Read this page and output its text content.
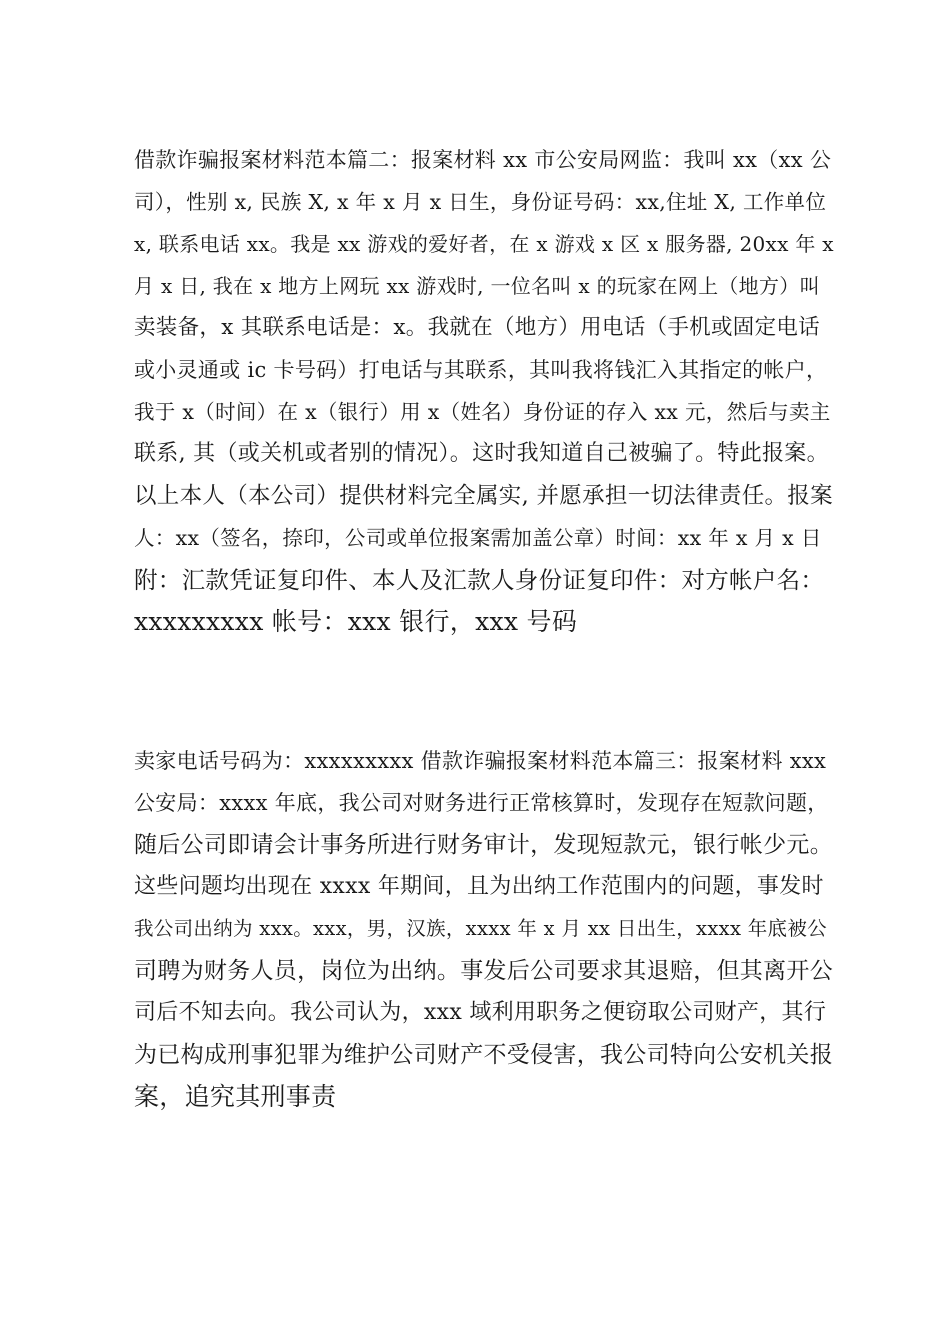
借款诈骗报案材料范本篇二：报案材料 xx 市公安局网监：我叫 xx（xx 公
司），性别 x, 民族 X, x 年 x 月 x 日生，身份证号码：xx,住址 X, 工作单位
x, 联系电话 xx。我是 xx 游戏的爱好者，在 x 游戏 x 区 x 服务器, 20xx 年 x
月 x 日, 我在 x 地方上网玩 xx 游戏时, 一位名叫 x 的玩家在网上（地方）叫
卖装备，x 其联系电话是：x。我就在（地方）用电话（手机或固定电话
或小灵通或 ic 卡号码）打电话与其联系，其叫我将钱汇入其指定的帐户，
我于 x（时间）在 x（银行）用 x（姓名）身份证的存入 xx 元，然后与卖主
联系, 其（或关机或者别的情况）。这时我知道自己被骗了。特此报案。
以上本人（本公司）提供材料完全属实, 并愿承担一切法律责任。报案
人：xx（签名，捺印，公司或单位报案需加盖公章）时间：xx 年 x 月 x 日
附：汇款凭证复印件、本人及汇款人身份证复印件：对方帐户名：
xxxxxxxxx 帐号：xxx 银行，xxx 号码
卖家电话号码为：xxxxxxxxx 借款诈骗报案材料范本篇三：报案材料 xxx
公安局：xxxx 年底，我公司对财务进行正常核算时，发现存在短款问题，
随后公司即请会计事务所进行财务审计，发现短款元，银行帐少元。
这些问题均出现在 xxxx 年期间，且为出纳工作范围内的问题，事发时
我公司出纳为 xxx。xxx，男，汉族，xxxx 年 x 月 xx 日出生，xxxx 年底被公
司聘为财务人员，岗位为出纳。事发后公司要求其退赔，但其离开公
司后不知去向。我公司认为，xxx 域利用职务之便窃取公司财产，其行
为已构成刑事犯罪为维护公司财产不受侵害，我公司特向公安机关报
案，追究其刑事责
